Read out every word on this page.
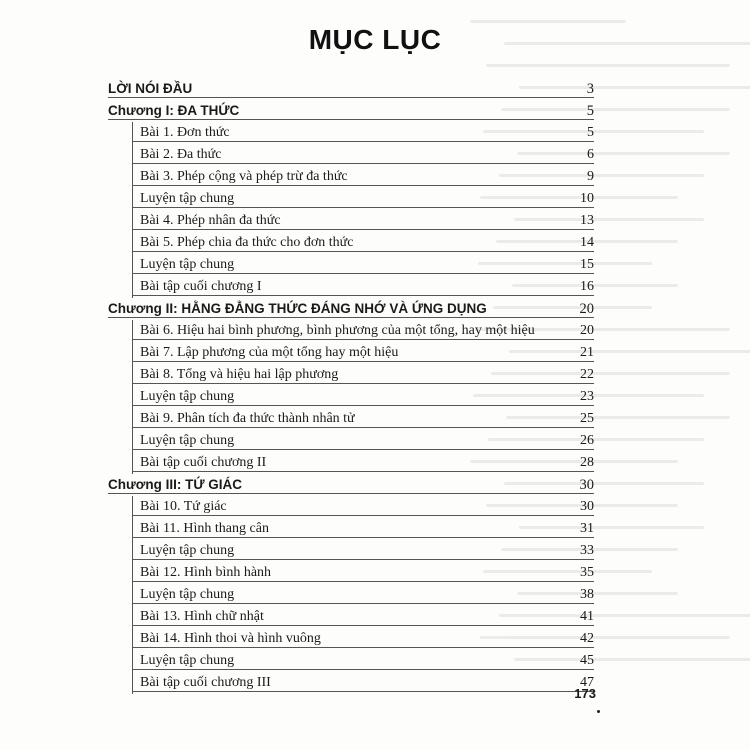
MỤC LỤC
LỜI NÓI ĐẦU	3
Chương I: ĐA THỨC	5
Bài 1. Đơn thức	5
Bài 2. Đa thức	6
Bài 3. Phép cộng và phép trừ đa thức	9
Luyện tập chung	10
Bài 4. Phép nhân đa thức	13
Bài 5. Phép chia đa thức cho đơn thức	14
Luyện tập chung	15
Bài tập cuối chương I	16
Chương II: HẰNG ĐẲNG THỨC ĐÁNG NHỚ VÀ ỨNG DỤNG	20
Bài 6. Hiệu hai bình phương, bình phương của một tổng, hay một hiệu	20
Bài 7. Lập phương của một tổng hay một hiệu	21
Bài 8. Tổng và hiệu hai lập phương	22
Luyện tập chung	23
Bài 9. Phân tích đa thức thành nhân tử	25
Luyện tập chung	26
Bài tập cuối chương II	28
Chương III: TỨ GIÁC	30
Bài 10. Tứ giác	30
Bài 11. Hình thang cân	31
Luyện tập chung	33
Bài 12. Hình bình hành	35
Luyện tập chung	38
Bài 13. Hình chữ nhật	41
Bài 14. Hình thoi và hình vuông	42
Luyện tập chung	45
Bài tập cuối chương III	47
173
